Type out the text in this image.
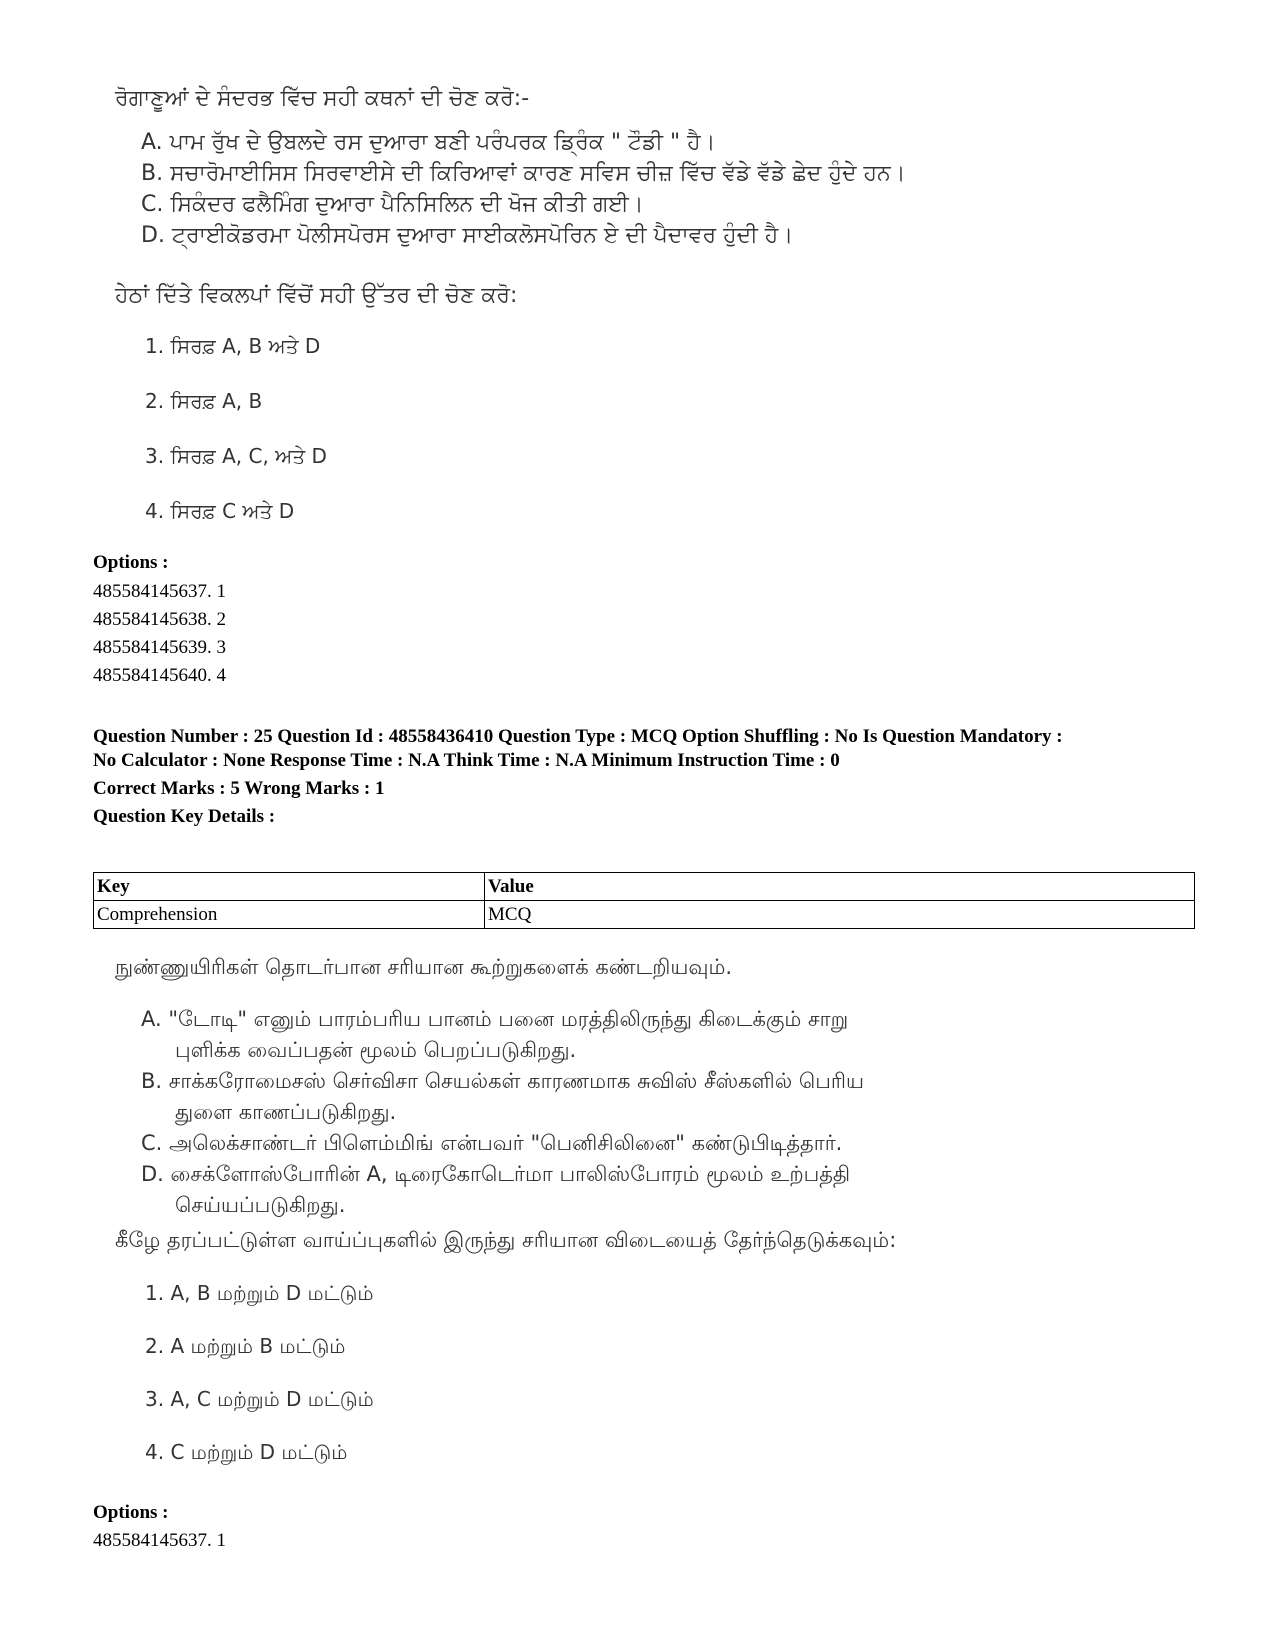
ਰੋਗਾਣੂਆਂ ਦੇ ਸੰਦਰਭ ਵਿੱਚ ਸਹੀ ਕਥਨਾਂ ਦੀ ਚੋਣ ਕਰੋ:-

A. ਪਾਮ ਰੁੱਖ ਦੇ ਉਬਲਦੇ ਰਸ ਦੁਆਰਾ ਬਣੀ ਪਰੰਪਰਕ ਡ੍ਰਿੰਕ " ਟੌਡੀ " ਹੈ।

B. ਸਚਾਰੋਮਾਈਸਿਸ ਸਿਰਵਾਈਸੇ ਦੀ ਕਿਰਿਆਵਾਂ ਕਾਰਣ ਸਵਿਸ ਚੀਜ਼ ਵਿੱਚ ਵੱਡੇ ਵੱਡੇ ਛੇਦ ਹੁੰਦੇ ਹਨ।

C. ਸਿਕੰਦਰ ਫਲੈਮਿੰਗ ਦੁਆਰਾ ਪੈਨਿਸਿਲਿਨ ਦੀ ਖੋਜ ਕੀਤੀ ਗਈ।

D. ਟ੍ਰਾਈਕੋਡਰਮਾ ਪੋਲੀਸਪੋਰਸ ਦੁਆਰਾ ਸਾਈਕਲੋਸਪੋਰਿਨ ਏ ਦੀ ਪੈਦਾਵਰ ਹੁੰਦੀ ਹੈ।

ਹੇਠਾਂ ਦਿੱਤੇ ਵਿਕਲਪਾਂ ਵਿੱਚੋਂ ਸਹੀ ਉੱਤਰ ਦੀ ਚੋਣ ਕਰੋ:

1. ਸਿਰਫ਼ A, B ਅਤੇ D

2. ਸਿਰਫ਼ A, B

3. ਸਿਰਫ਼ A, C, ਅਤੇ D

4. ਸਿਰਫ਼ C ਅਤੇ D

Options :
485584145637. 1
485584145638. 2
485584145639. 3
485584145640. 4
Question Number : 25 Question Id : 48558436410 Question Type : MCQ Option Shuffling : No Is Question Mandatory :
No Calculator : None Response Time : N.A Think Time : N.A Minimum Instruction Time : 0
Correct Marks : 5 Wrong Marks : 1
Question Key Details :
Key	Value
Comprehension	MCQ

நுண்ணுயிரிகள் தொடர்பான சரியான கூற்றுகளைக் கண்டறியவும்.

A. "டோடி" எனும் பாரம்பரிய பானம் பனை மரத்திலிருந்து கிடைக்கும் சாறு
புளிக்க வைப்பதன் மூலம் பெறப்படுகிறது.

B. சாக்கரோமைசஸ் செர்விசா செயல்கள் காரணமாக சுவிஸ் சீஸ்களில் பெரிய
துளை காணப்படுகிறது.

C. அலெக்சாண்டர் பிளெம்மிங் என்பவர் "பெனிசிலினை" கண்டுபிடித்தார்.

D. சைக்ளோஸ்போரின் A, டிரைகோடெர்மா பாலிஸ்போரம் மூலம் உற்பத்தி
செய்யப்படுகிறது.

கீழே தரப்பட்டுள்ள வாய்ப்புகளில் இருந்து சரியான விடையைத் தேர்ந்தெடுக்கவும்:

1. A, B மற்றும் D மட்டும்

2. A மற்றும் B மட்டும்

3. A, C மற்றும் D மட்டும்

4. C மற்றும் D மட்டும்

Options :
485584145637. 1
